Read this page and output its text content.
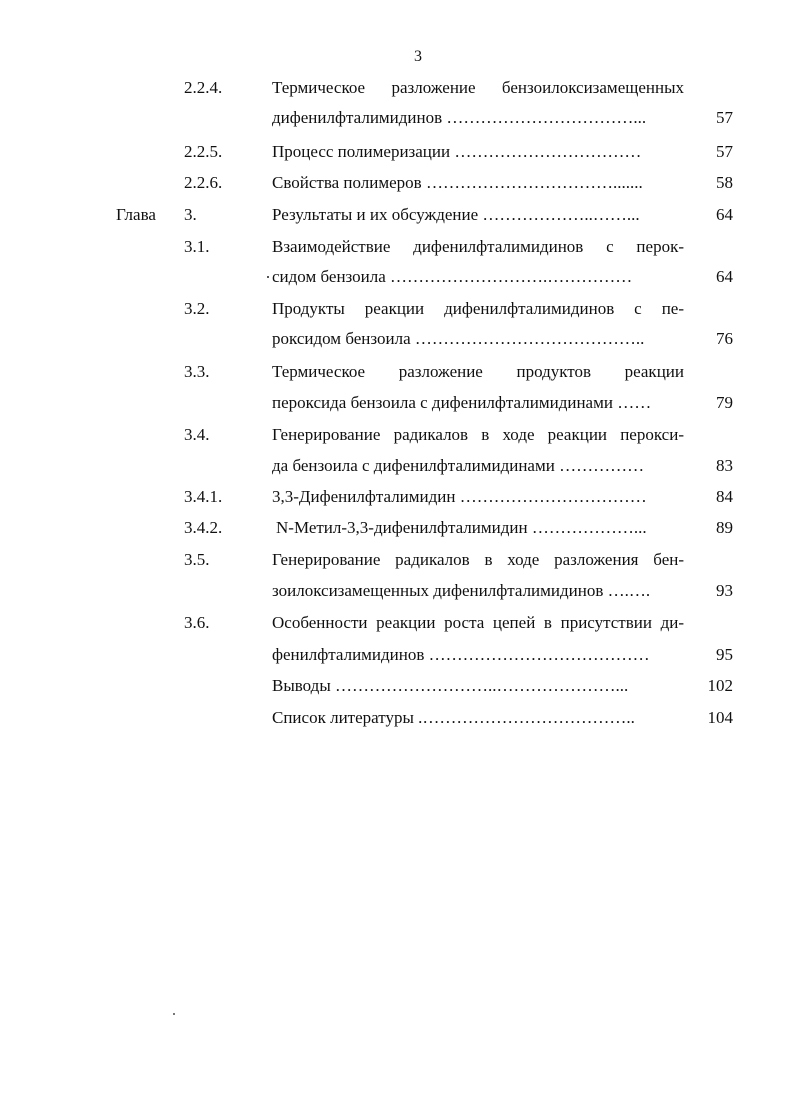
3
2.2.4.	Термическое разложение бензоилоксизамещенных
дифенилфталимидинов ……………………………...	57
2.2.5.	Процесс полимеризации ……………………………	57
2.2.6.	Свойства полимеров …………………………….......	58
Глава 3.	Результаты и их обсуждение ………………..……...	64
3.1.	Взаимодействие дифенилфталимидинов с перок-
сидом бензоила ……………………….……………	64
3.2.	Продукты реакции дифенилфталимидинов с пе-
роксидом бензоила …………………………………..	76
3.3.	Термическое разложение продуктов реакции
пероксида бензоила с дифенилфталимидинами ……	79
3.4.	Генерирование радикалов в ходе реакции перокси-
да бензоила с дифенилфталимидинами ……………	83
3.4.1.	3,3-Дифенилфталимидин ……………………………	84
3.4.2.	N-Метил-3,3-дифенилфталимидин ………………...	89
3.5.	Генерирование радикалов в ходе разложения бен-
зоилоксизамещенных дифенилфталимидинов ….….	93
3.6.	Особенности реакции роста цепей в присутствии ди-
фенилфталимидинов …………………………………	95
Выводы ………………………..…………………...	102
Список литературы .………………………………..	104
